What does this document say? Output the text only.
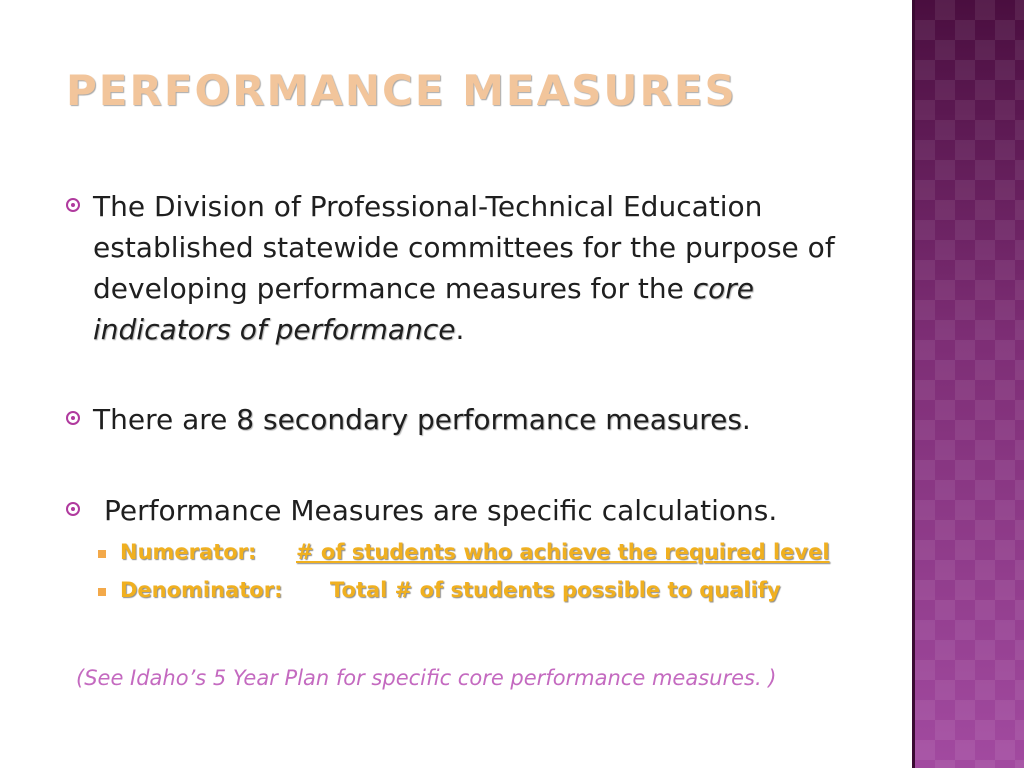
PERFORMANCE MEASURES
The Division of Professional-Technical Education established statewide committees for the purpose of developing performance measures for the core indicators of performance.
There are 8 secondary performance measures.
Performance Measures are specific calculations.
Numerator: # of students who achieve the required level
Denominator: Total # of students possible to qualify
(See Idaho’s 5 Year Plan for specific core performance measures. )
